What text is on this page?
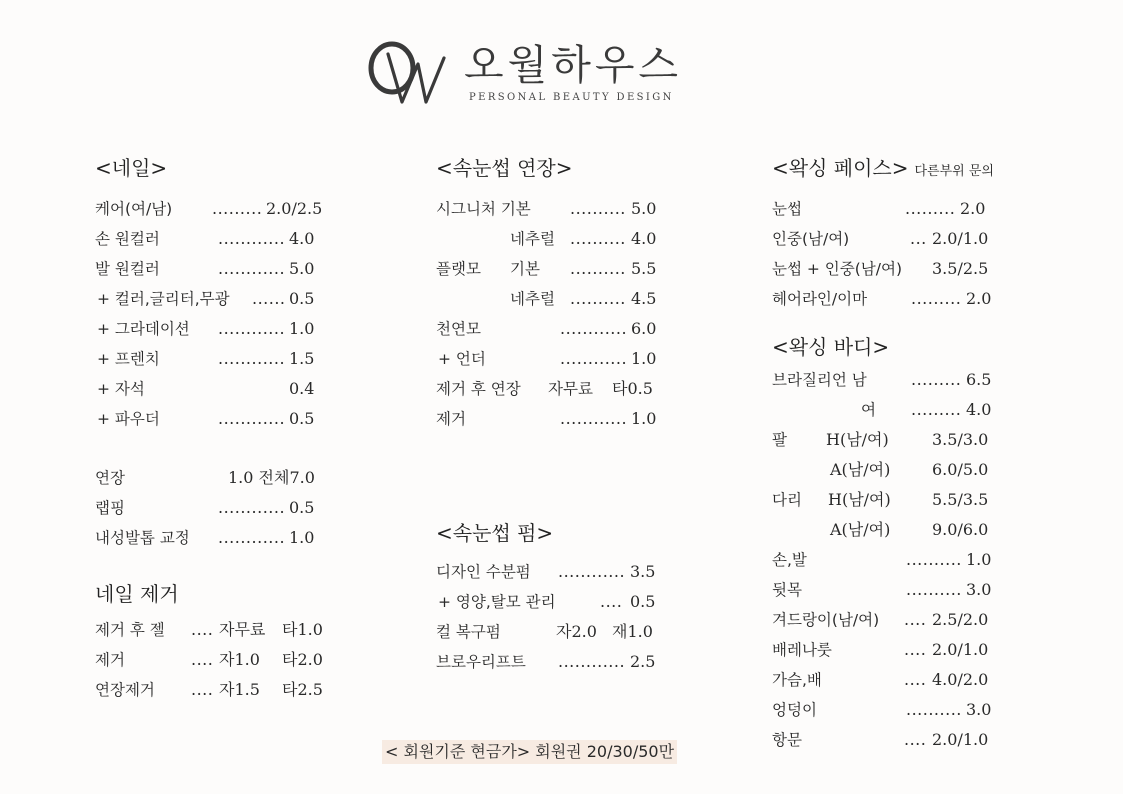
오월하우스
PERSONAL BEAUTY DESIGN
<네일>
케어(여/남) ......... 2.0/2.5
손 원컬러	............ 4.0
발 원컬러	............ 5.0
+ 컬러,글리터,무광 ...... 0.5
+ 그라데이션 ............ 1.0
+ 프렌치	............ 1.5
+ 자석	0.4
+ 파우더	............ 0.5
연장	1.0 전체7.0
랩핑	............ 0.5
내성발톱 교정 ............ 1.0
네일 제거
제거 후 젤 .... 자무료 타1.0
제거	.... 자1.0 타2.0
연장제거 .... 자1.5 타2.5
<속눈썹 연장>
시그니처 기본 .......... 5.0
네추럴 .......... 4.0
플랫모 기본 .......... 5.5
네추럴 .......... 4.5
천연모	............ 6.0
+ 언더	............ 1.0
제거 후 연장 자무료 타0.5
제거	............ 1.0
<속눈썹 펌>
디자인 수분펌 ............ 3.5
+ 영양,탈모 관리	.... 0.5
컬 복구펌	자2.0 재1.0
브로우리프트 ............ 2.5
<왁싱 페이스> 다른부위 문의
눈썹	......... 2.0
인중(남/여)	... 2.0/1.0
눈썹 + 인중(남/여) 3.5/2.5
헤어라인/이마	......... 2.0
<왁싱 바디>
브라질리언 남	......... 6.5
여 ......... 4.0
팔 H(남/여)	3.5/3.0
A(남/여)	6.0/5.0
다리 H(남/여)	5.5/3.5
A(남/여)	9.0/6.0
손,발	.......... 1.0
뒷목	.......... 3.0
겨드랑이(남/여) .... 2.5/2.0
배레나룻	.... 2.0/1.0
가슴,배	.... 4.0/2.0
엉덩이	.......... 3.0
항문	.... 2.0/1.0
< 회원기준 현금가> 회원권 20/30/50만
